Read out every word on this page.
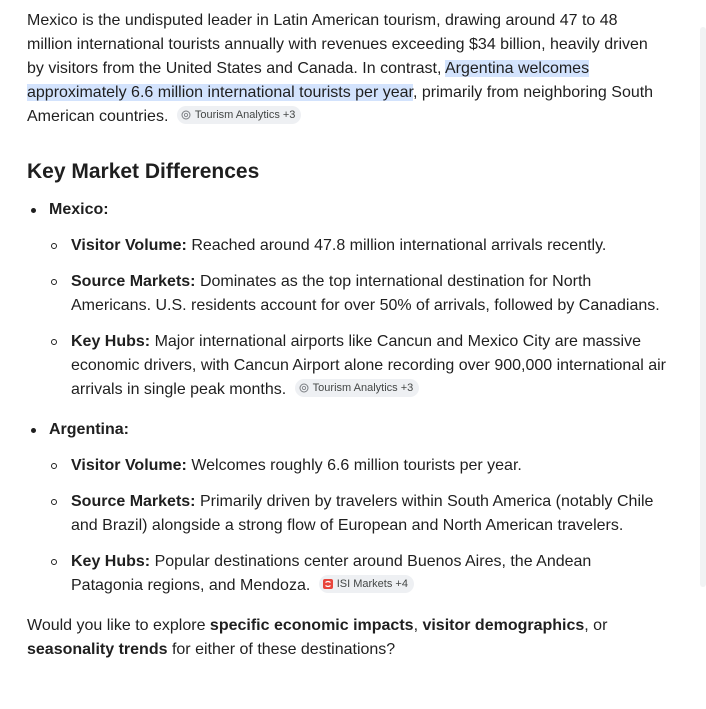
Mexico is the undisputed leader in Latin American tourism, drawing around 47 to 48 million international tourists annually with revenues exceeding $34 billion, heavily driven by visitors from the United States and Canada. In contrast, Argentina welcomes approximately 6.6 million international tourists per year, primarily from neighboring South American countries. Tourism Analytics +3

Key Market Differences
Mexico:
Visitor Volume: Reached around 47.8 million international arrivals recently.
Source Markets: Dominates as the top international destination for North Americans. U.S. residents account for over 50% of arrivals, followed by Canadians.
Key Hubs: Major international airports like Cancun and Mexico City are massive economic drivers, with Cancun Airport alone recording over 900,000 international air arrivals in single peak months. Tourism Analytics +3
Argentina:
Visitor Volume: Welcomes roughly 6.6 million tourists per year.
Source Markets: Primarily driven by travelers within South America (notably Chile and Brazil) alongside a strong flow of European and North American travelers.
Key Hubs: Popular destinations center around Buenos Aires, the Andean Patagonia regions, and Mendoza. ISI Markets +4

Would you like to explore specific economic impacts, visitor demographics, or seasonality trends for either of these destinations?
